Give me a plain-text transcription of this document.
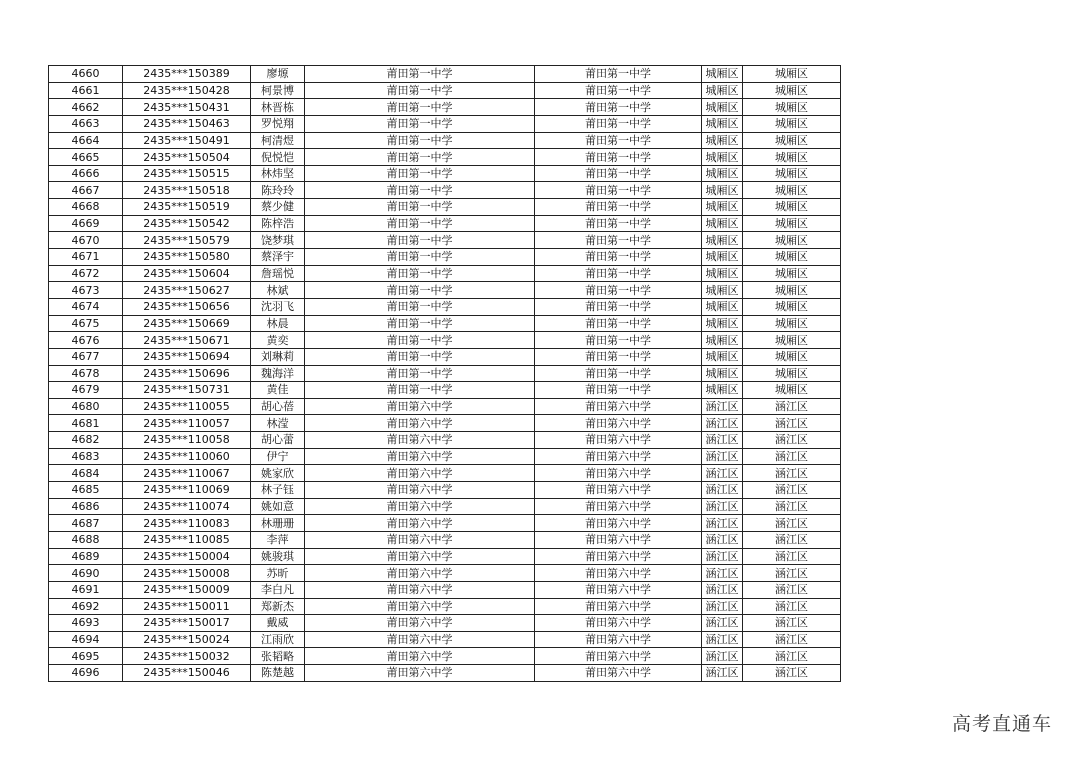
4660	2435***150389	廖塬	莆田第一中学	莆田第一中学	城厢区	城厢区
4661	2435***150428	柯景博	莆田第一中学	莆田第一中学	城厢区	城厢区
4662	2435***150431	林晋栋	莆田第一中学	莆田第一中学	城厢区	城厢区
4663	2435***150463	罗悦翔	莆田第一中学	莆田第一中学	城厢区	城厢区
4664	2435***150491	柯清煜	莆田第一中学	莆田第一中学	城厢区	城厢区
4665	2435***150504	倪悦恺	莆田第一中学	莆田第一中学	城厢区	城厢区
4666	2435***150515	林炜坚	莆田第一中学	莆田第一中学	城厢区	城厢区
4667	2435***150518	陈玲玲	莆田第一中学	莆田第一中学	城厢区	城厢区
4668	2435***150519	蔡少健	莆田第一中学	莆田第一中学	城厢区	城厢区
4669	2435***150542	陈梓浩	莆田第一中学	莆田第一中学	城厢区	城厢区
4670	2435***150579	饶梦琪	莆田第一中学	莆田第一中学	城厢区	城厢区
4671	2435***150580	蔡泽宇	莆田第一中学	莆田第一中学	城厢区	城厢区
4672	2435***150604	詹瑶悦	莆田第一中学	莆田第一中学	城厢区	城厢区
4673	2435***150627	林斌	莆田第一中学	莆田第一中学	城厢区	城厢区
4674	2435***150656	沈羽飞	莆田第一中学	莆田第一中学	城厢区	城厢区
4675	2435***150669	林晨	莆田第一中学	莆田第一中学	城厢区	城厢区
4676	2435***150671	黄奕	莆田第一中学	莆田第一中学	城厢区	城厢区
4677	2435***150694	刘琳莉	莆田第一中学	莆田第一中学	城厢区	城厢区
4678	2435***150696	魏海洋	莆田第一中学	莆田第一中学	城厢区	城厢区
4679	2435***150731	黄佳	莆田第一中学	莆田第一中学	城厢区	城厢区
4680	2435***110055	胡心蓓	莆田第六中学	莆田第六中学	涵江区	涵江区
4681	2435***110057	林滢	莆田第六中学	莆田第六中学	涵江区	涵江区
4682	2435***110058	胡心蕾	莆田第六中学	莆田第六中学	涵江区	涵江区
4683	2435***110060	伊宁	莆田第六中学	莆田第六中学	涵江区	涵江区
4684	2435***110067	姚家欣	莆田第六中学	莆田第六中学	涵江区	涵江区
4685	2435***110069	林子钰	莆田第六中学	莆田第六中学	涵江区	涵江区
4686	2435***110074	姚如意	莆田第六中学	莆田第六中学	涵江区	涵江区
4687	2435***110083	林珊珊	莆田第六中学	莆田第六中学	涵江区	涵江区
4688	2435***110085	李萍	莆田第六中学	莆田第六中学	涵江区	涵江区
4689	2435***150004	姚骏琪	莆田第六中学	莆田第六中学	涵江区	涵江区
4690	2435***150008	苏昕	莆田第六中学	莆田第六中学	涵江区	涵江区
4691	2435***150009	李白凡	莆田第六中学	莆田第六中学	涵江区	涵江区
4692	2435***150011	郑新杰	莆田第六中学	莆田第六中学	涵江区	涵江区
4693	2435***150017	戴威	莆田第六中学	莆田第六中学	涵江区	涵江区
4694	2435***150024	江雨欣	莆田第六中学	莆田第六中学	涵江区	涵江区
4695	2435***150032	张韬略	莆田第六中学	莆田第六中学	涵江区	涵江区
4696	2435***150046	陈楚越	莆田第六中学	莆田第六中学	涵江区	涵江区
高考直通车
